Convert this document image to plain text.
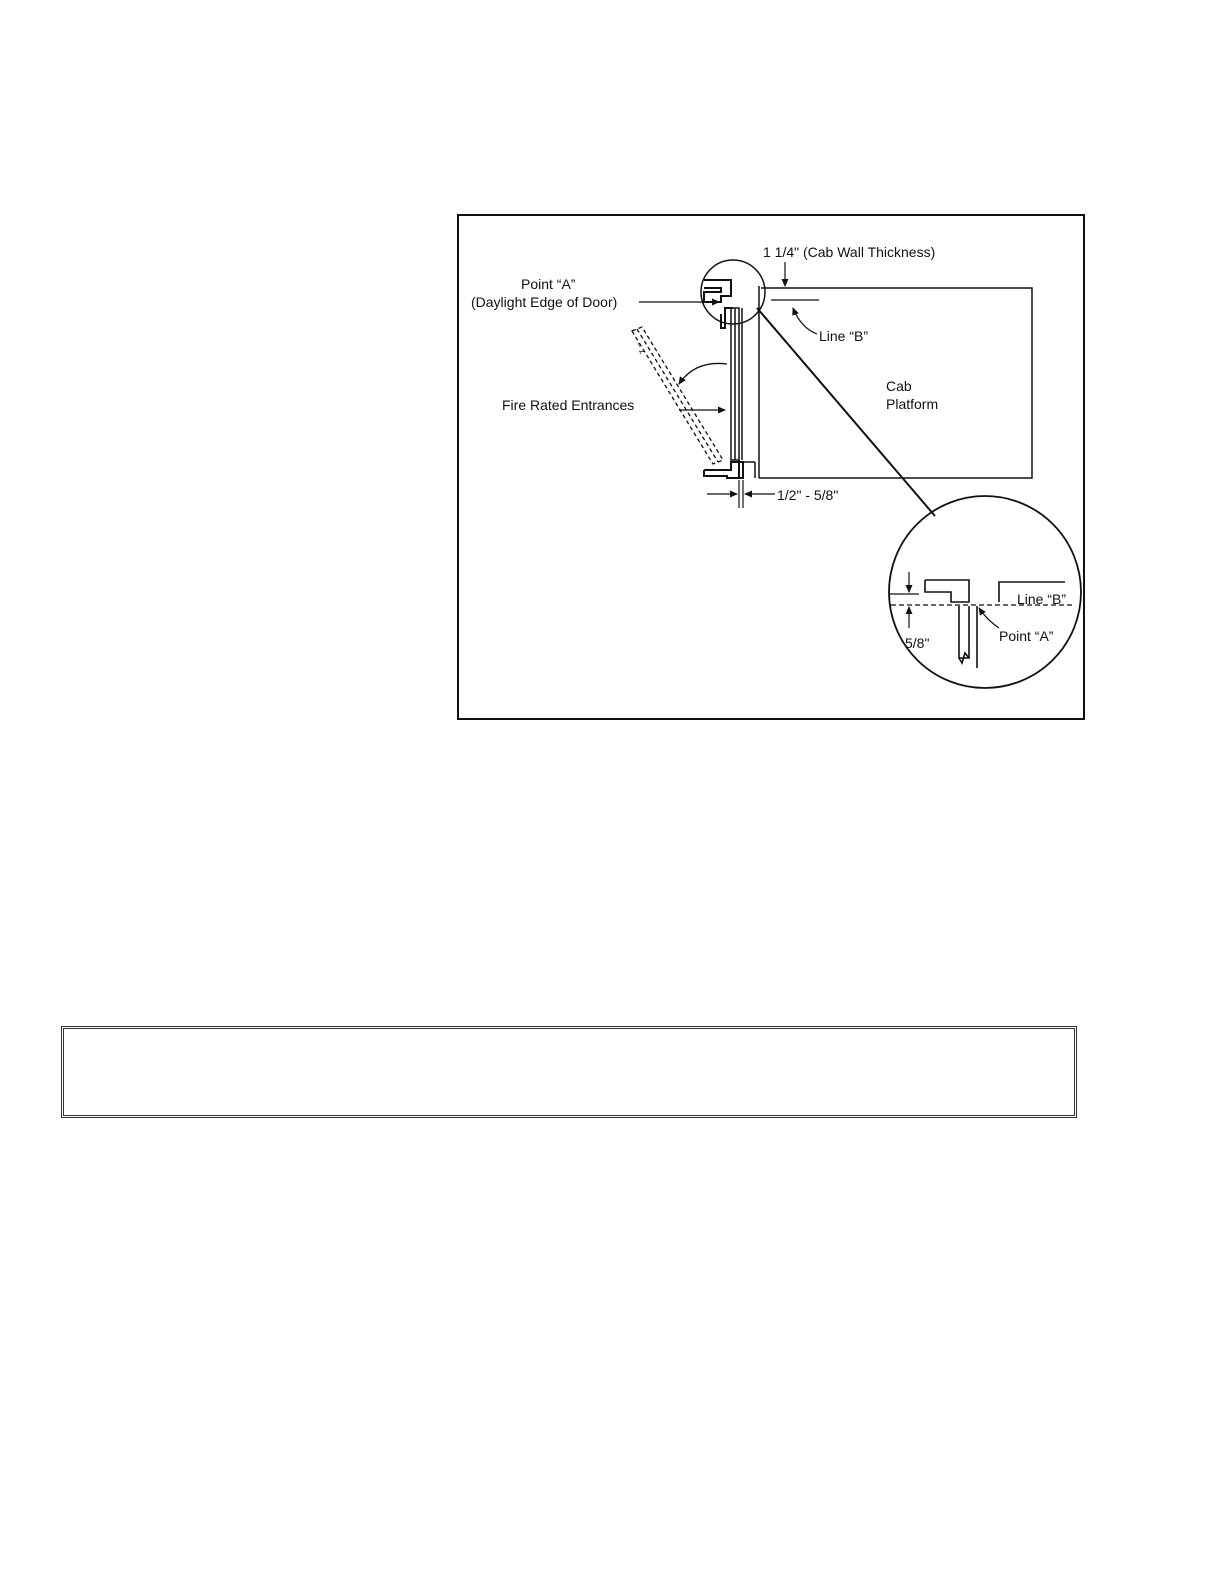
~ z
1 1/4" (Cab Wall Thickness)
Point “A”
(Daylight Edge of Door)
Line “B”
Cab
Platform
Fire Rated Entrances
1/2" - 5/8"
Line “B”
Point “A”
5/8"
